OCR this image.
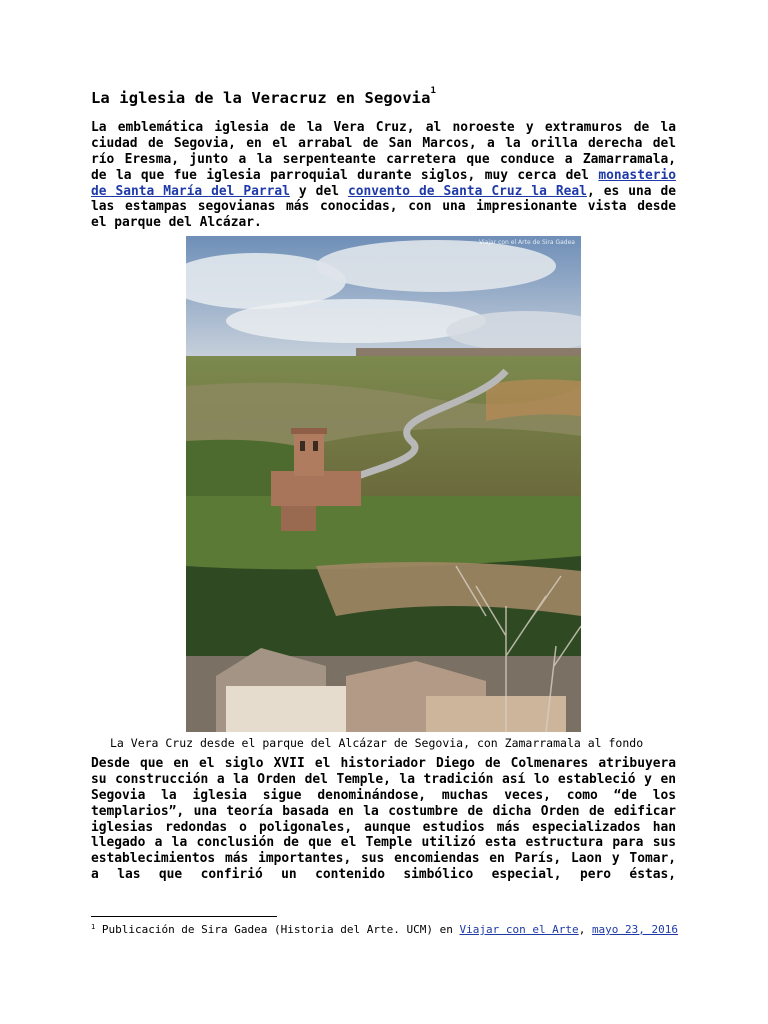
La iglesia de la Veracruz en Segovia$^1$
La emblemática iglesia de la Vera Cruz, al noroeste y extramuros de la
ciudad de Segovia, en el arrabal de San Marcos, a la orilla derecha del
río Eresma, junto a la serpenteante carretera que conduce a Zamarramala,
de la que fue iglesia parroquial durante siglos, muy cerca del monasterio
de Santa María del Parral y del convento de Santa Cruz la Real, es una de
las estampas segovianas más conocidas, con una impresionante vista desde
el parque del Alcázar.
Viajar con el Arte de Sira Gadea
La Vera Cruz desde el parque del Alcázar de Segovia, con Zamarramala al fondo
Desde que en el siglo XVII el historiador Diego de Colmenares atribuyera
su construcción a la Orden del Temple, la tradición así lo estableció y en
Segovia la iglesia sigue denominándose, muchas veces, como “de los
templarios”, una teoría basada en la costumbre de dicha Orden de edificar
iglesias redondas o poligonales, aunque estudios más especializados han
llegado a la conclusión de que el Temple utilizó esta estructura para sus
establecimientos más importantes, sus encomiendas en París, Laon y Tomar,
a las que confirió un contenido simbólico especial, pero éstas,
$^1$ Publicación de Sira Gadea (Historia del Arte. UCM) en Viajar con el Arte, mayo 23, 2016
